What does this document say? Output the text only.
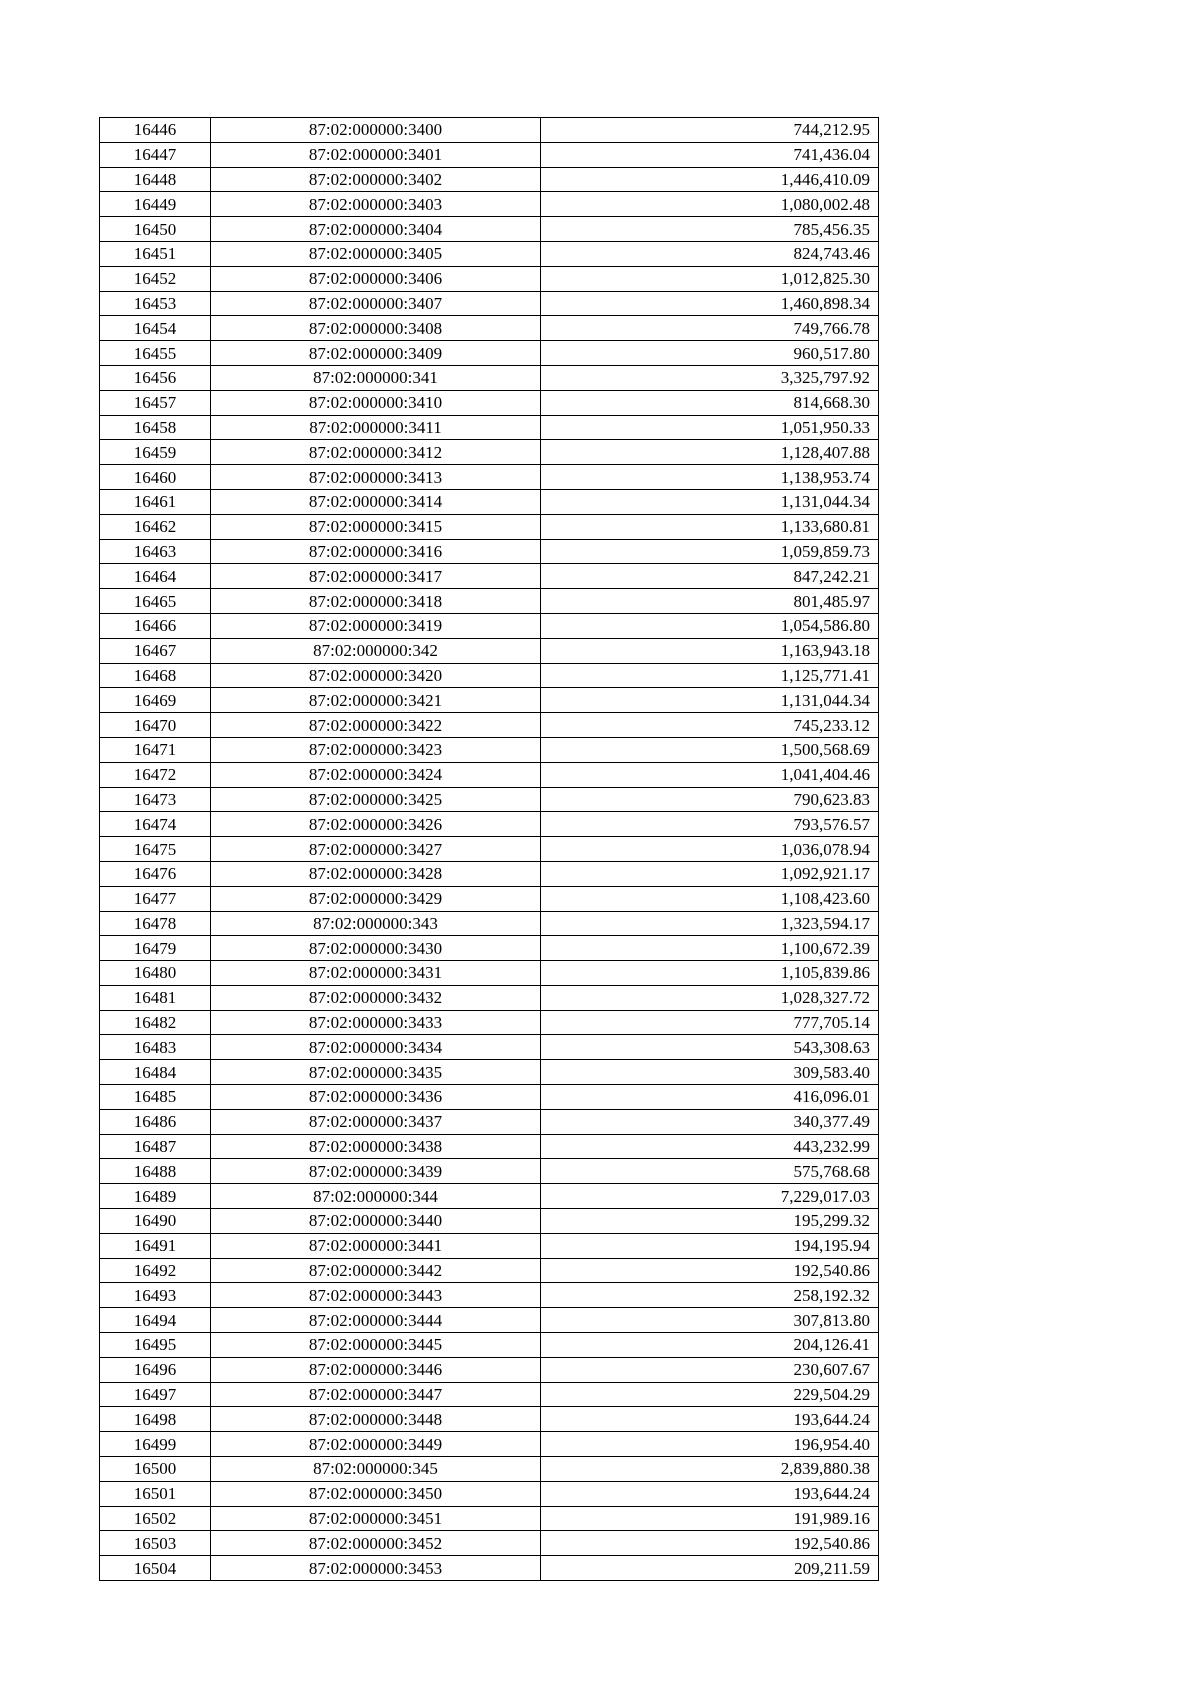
16446	87:02:000000:3400	744,212.95
16447	87:02:000000:3401	741,436.04
16448	87:02:000000:3402	1,446,410.09
16449	87:02:000000:3403	1,080,002.48
16450	87:02:000000:3404	785,456.35
16451	87:02:000000:3405	824,743.46
16452	87:02:000000:3406	1,012,825.30
16453	87:02:000000:3407	1,460,898.34
16454	87:02:000000:3408	749,766.78
16455	87:02:000000:3409	960,517.80
16456	87:02:000000:341	3,325,797.92
16457	87:02:000000:3410	814,668.30
16458	87:02:000000:3411	1,051,950.33
16459	87:02:000000:3412	1,128,407.88
16460	87:02:000000:3413	1,138,953.74
16461	87:02:000000:3414	1,131,044.34
16462	87:02:000000:3415	1,133,680.81
16463	87:02:000000:3416	1,059,859.73
16464	87:02:000000:3417	847,242.21
16465	87:02:000000:3418	801,485.97
16466	87:02:000000:3419	1,054,586.80
16467	87:02:000000:342	1,163,943.18
16468	87:02:000000:3420	1,125,771.41
16469	87:02:000000:3421	1,131,044.34
16470	87:02:000000:3422	745,233.12
16471	87:02:000000:3423	1,500,568.69
16472	87:02:000000:3424	1,041,404.46
16473	87:02:000000:3425	790,623.83
16474	87:02:000000:3426	793,576.57
16475	87:02:000000:3427	1,036,078.94
16476	87:02:000000:3428	1,092,921.17
16477	87:02:000000:3429	1,108,423.60
16478	87:02:000000:343	1,323,594.17
16479	87:02:000000:3430	1,100,672.39
16480	87:02:000000:3431	1,105,839.86
16481	87:02:000000:3432	1,028,327.72
16482	87:02:000000:3433	777,705.14
16483	87:02:000000:3434	543,308.63
16484	87:02:000000:3435	309,583.40
16485	87:02:000000:3436	416,096.01
16486	87:02:000000:3437	340,377.49
16487	87:02:000000:3438	443,232.99
16488	87:02:000000:3439	575,768.68
16489	87:02:000000:344	7,229,017.03
16490	87:02:000000:3440	195,299.32
16491	87:02:000000:3441	194,195.94
16492	87:02:000000:3442	192,540.86
16493	87:02:000000:3443	258,192.32
16494	87:02:000000:3444	307,813.80
16495	87:02:000000:3445	204,126.41
16496	87:02:000000:3446	230,607.67
16497	87:02:000000:3447	229,504.29
16498	87:02:000000:3448	193,644.24
16499	87:02:000000:3449	196,954.40
16500	87:02:000000:345	2,839,880.38
16501	87:02:000000:3450	193,644.24
16502	87:02:000000:3451	191,989.16
16503	87:02:000000:3452	192,540.86
16504	87:02:000000:3453	209,211.59
